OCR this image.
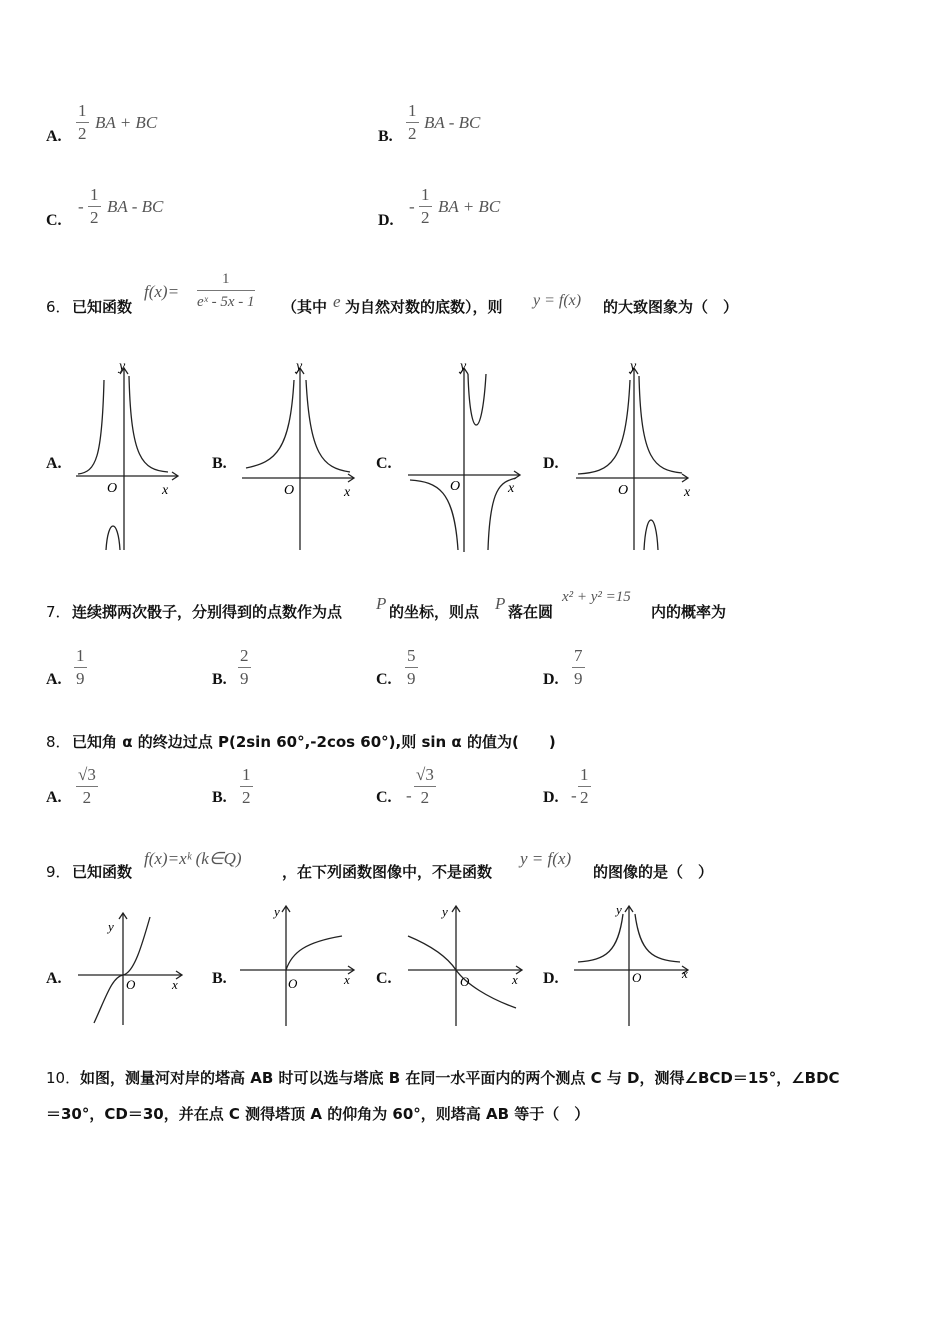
A. $\frac{1}{2}$ BA + BC
B. $\frac{1}{2}$ BA - BC
C.
- $\frac{1}{2}$ BA - BC
D.
- $\frac{1}{2}$ BA + BC
6． 已知函数
$f(x)= \frac{1}{\text{eˣ - 5x - 1}}$ （其中 e 为自然对数的底数），则 y = f(x) 的大致图象为（　）
A.	B.	C.	D.
y
x
O
y
x
O
y
x
O
y
x
O
7． 连续掷两次骰子，分别得到的点数作为点 P 的坐标，则点 P 落在圆
x² + y² =15
内的概率为
A. $\frac{1}{9}$	B. $\frac{2}{9}$	C. $\frac{5}{9}$	D. $\frac{7}{9}$
8． 已知角 α 的终边过点 P(2sin 60°,-2cos 60°),则 sin α 的值为(　　)
A. $\frac{√3}{2}$	B. $\frac{1}{2}$	C. - $\frac{√3}{2}$	D. - $\frac{1}{2}$
9． 已知函数
f(x)=xᵏ (k∈Q)
，在下列函数图像中，不是函数
y = f(x)
的图像的是（　）
A.	B.	C.	D.
y
x
O
y
x
O
y
x
O
y
x
O
10． 如图，测量河对岸的塔高 AB 时可以选与塔底 B 在同一水平面内的两个测点 C 与 D，测得∠BCD＝15°，∠BDC
＝30°，CD＝30，并在点 C 测得塔顶 A 的仰角为 60°，则塔高 AB 等于（　）
